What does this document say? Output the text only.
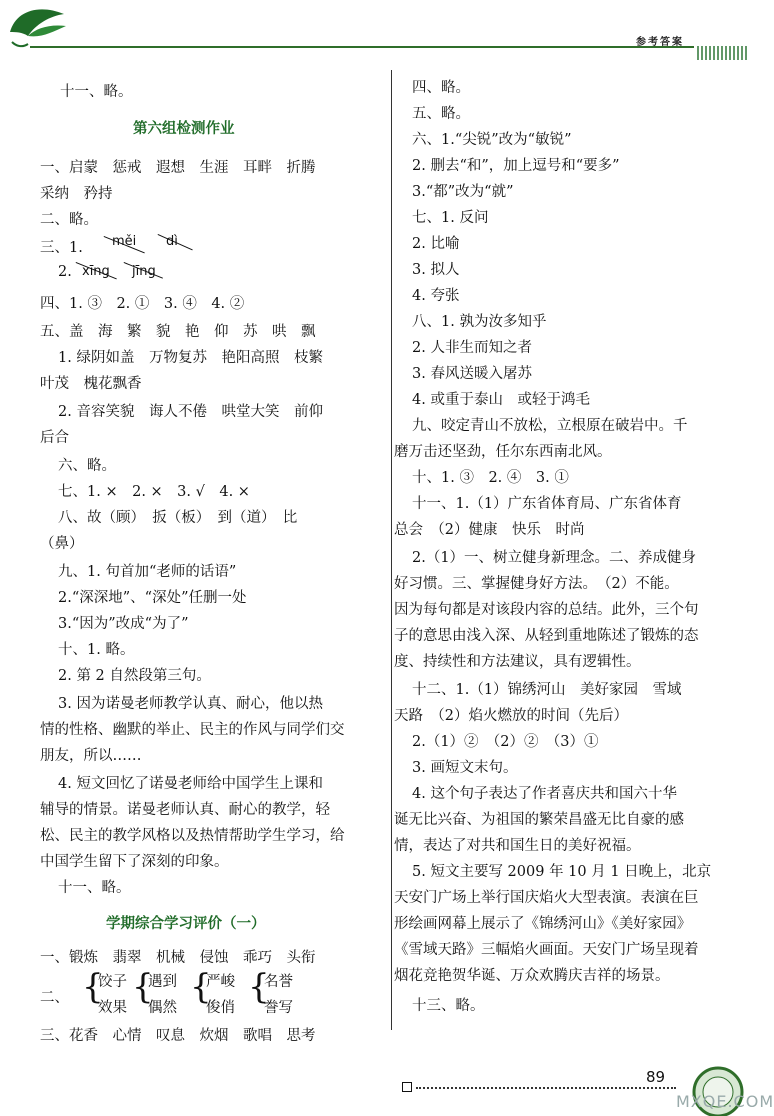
参考答案
十一、略。
第六组检测作业
一、启蒙　惩戒　遐想　生涯　耳畔　折腾
采纳　矜持
二、略。
三、1. měi dì
2. xīng jīng
四、1. ③　2. ①　3. ④　4. ②
五、盖　海　繁　貌　艳　仰　苏　哄　飘
1. 绿阴如盖　万物复苏　艳阳高照　枝繁
叶茂　槐花飘香
2. 音容笑貌　诲人不倦　哄堂大笑　前仰
后合
六、略。
七、1. ×　2. ×　3. √　4. ×
八、故（顾）　扳（板）　到（道）　比
（鼻）
九、1. 句首加“老师的话语”
2.“深深地”、“深处”任删一处
3.“因为”改成“为了”
十、1. 略。
2. 第 2 自然段第三句。
3. 因为诺曼老师教学认真、耐心，他以热
情的性格、幽默的举止、民主的作风与同学们交
朋友，所以……
4. 短文回忆了诺曼老师给中国学生上课和
辅导的情景。诺曼老师认真、耐心的教学，轻
松、民主的教学风格以及热情帮助学生学习，给
中国学生留下了深刻的印象。
十一、略。
学期综合学习评价（一）
一、锻炼　翡翠　机械　侵蚀　乖巧　头衔
二、 {
饺子
效果
{
遇到
偶然
{
严峻
俊俏
{
名誉
誊写
三、花香　心情　叹息　炊烟　歌唱　思考
四、略。
五、略。
六、1.“尖锐”改为“敏锐”
2. 删去“和”，加上逗号和“要多”
3.“都”改为“就”
七、1. 反问
2. 比喻
3. 拟人
4. 夸张
八、1. 孰为汝多知乎
2. 人非生而知之者
3. 春风送暖入屠苏
4. 或重于泰山　或轻于鸿毛
九、咬定青山不放松，立根原在破岩中。千
磨万击还坚劲，任尔东西南北风。
十、1. ③　2. ④　3. ①
十一、1.（1）广东省体育局、广东省体育
总会　（2）健康　快乐　时尚
2.（1）一、树立健身新理念。二、养成健身
好习惯。三、掌握健身好方法。　（2）不能。
因为每句都是对该段内容的总结。此外，三个句
子的意思由浅入深、从轻到重地陈述了锻炼的态
度、持续性和方法建议，具有逻辑性。
十二、1.（1）锦绣河山　美好家园　雪域
天路　（2）焰火燃放的时间（先后）
2.（1）②　（2）②　（3）①
3. 画短文末句。
4. 这个句子表达了作者喜庆共和国六十华
诞无比兴奋、为祖国的繁荣昌盛无比自豪的感
情，表达了对共和国生日的美好祝福。
5. 短文主要写 2009 年 10 月 1 日晚上，北京
天安门广场上举行国庆焰火大型表演。表演在巨
形绘画网幕上展示了《锦绣河山》《美好家园》
《雪域天路》三幅焰火画面。天安门广场呈现着
烟花竞艳贺华诞、万众欢腾庆吉祥的场景。
十三、略。
89
MXQE.COM
